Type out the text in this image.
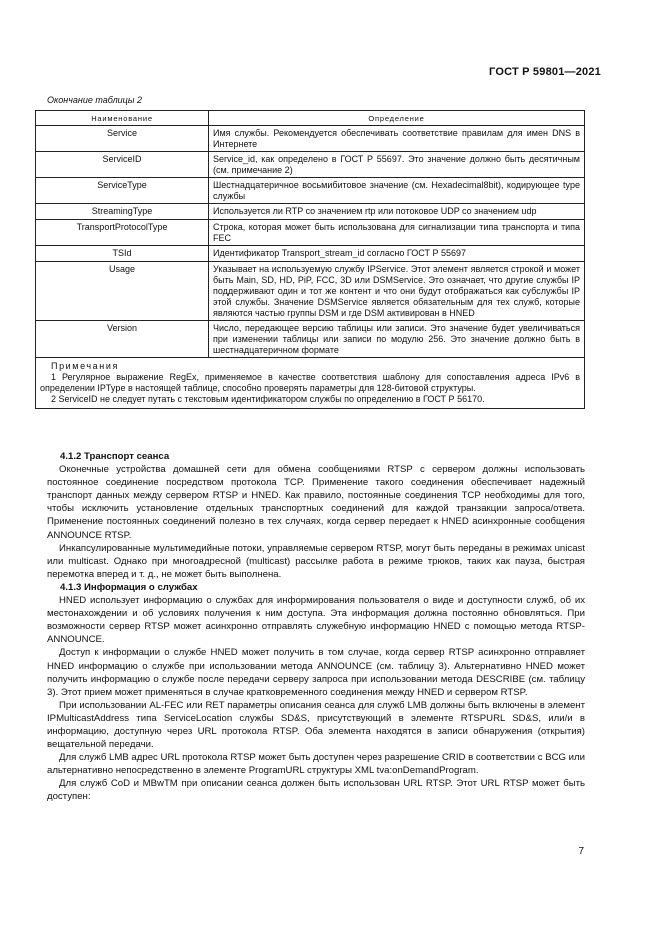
ГОСТ Р 59801—2021
Окончание таблицы 2
Наименование	Определение
Service	Имя службы. Рекомендуется обеспечивать соответствие правилам для имен DNS в Интернете
ServiceID	Service_id, как определено в ГОСТ Р 55697. Это значение должно быть десятичным (см. примечание 2)
ServiceType	Шестнадцатеричное восьмибитовое значение (см. Hexadecimal8bit), кодирующее type службы
StreamingType	Используется ли RTP со значением rtp или потоковое UDP со значением udp
TransportProtocolType	Строка, которая может быть использована для сигнализации типа транспорта и типа FEC
TSId	Идентификатор Transport_stream_id согласно ГОСТ Р 55697
Usage	Указывает на используемую службу IPService. Этот элемент является строкой и может быть Main, SD, HD, PiP, FCC, 3D или DSMService. Это означает, что другие службы IP поддерживают один и тот же контент и что они будут отображаться как субслужбы IP этой службы. Значение DSMService является обязательным для тех служб, которые являются частью группы DSM и где DSM активирован в HNED
Version	Число, передающее версию таблицы или записи. Это значение будет увеличиваться при изменении таблицы или записи по модулю 256. Это значение должно быть в шестнадцатеричном формате

Примечания
1 Регулярное выражение RegEx, применяемое в качестве соответствия шаблону для сопоставления адреса IPv6 в определении IPType в настоящей таблице, способно проверять параметры для 128-битовой структуры.
2 ServiceID не следует путать с текстовым идентификатором службы по определению в ГОСТ Р 56170.	
4.1.2 Транспорт сеанса

Оконечные устройства домашней сети для обмена сообщениями RTSP с сервером должны использовать постоянное соединение посредством протокола TCP. Применение такого соединения обеспечивает надежный транспорт данных между сервером RTSP и HNED. Как правило, постоянные соединения TCP необходимы для того, чтобы исключить установление отдельных транспортных соединений для каждой транзакции запроса/ответа. Применение постоянных соединений полезно в тех случаях, когда сервер передает к HNED асинхронные сообщения ANNOUNCE RTSP.

Инкапсулированные мультимедийные потоки, управляемые сервером RTSP, могут быть переданы в режимах unicast или multicast. Однако при многоадресной (multicast) рассылке работа в режиме трюков, таких как пауза, быстрая перемотка вперед и т. д., не может быть выполнена.

4.1.3 Информация о службах

HNED использует информацию о службах для информирования пользователя о виде и доступности служб, об их местонахождении и об условиях получения к ним доступа. Эта информация должна постоянно обновляться. При возможности сервер RTSP может асинхронно отправлять служебную информацию HNED с помощью метода RTSP-ANNOUNCE.

Доступ к информации о службе HNED может получить в том случае, когда сервер RTSP асинхронно отправляет HNED информацию о службе при использовании метода ANNOUNCE (см. таблицу 3). Альтернативно HNED может получить информацию о службе после передачи серверу запроса при использовании метода DESCRIBE (см. таблицу 3). Этот прием может применяться в случае кратковременного соединения между HNED и сервером RTSP.

При использовании AL-FEC или RET параметры описания сеанса для служб LMB должны быть включены в элемент IPMulticastAddress типа ServiceLocation службы SD&S, присутствующий в элементе RTSPURL SD&S, или/и в информацию, доступную через URL протокола RTSP. Оба элемента находятся в записи обнаружения (открытия) вещательной передачи.

Для служб LMB адрес URL протокола RTSP может быть доступен через разрешение CRID в соответствии с BCG или альтернативно непосредственно в элементе ProgramURL структуры XML tva:onDemandProgram.

Для служб CoD и MBwTM при описании сеанса должен быть использован URL RTSP. Этот URL RTSP может быть доступен:

7
